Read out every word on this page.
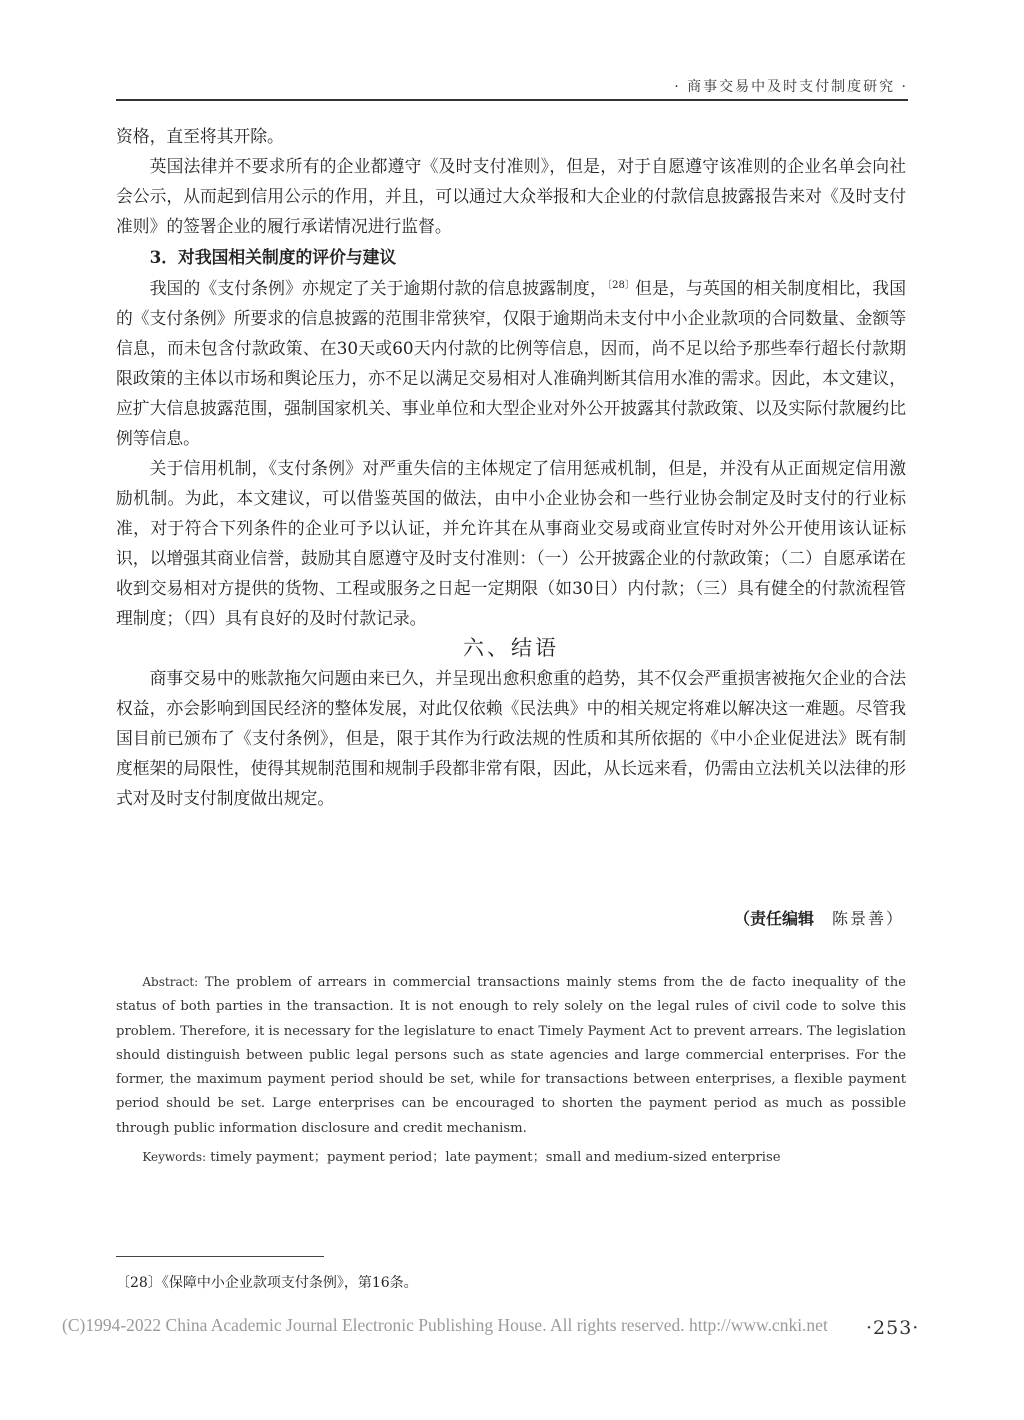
· 商事交易中及时支付制度研究 ·

资格，直至将其开除。

英国法律并不要求所有的企业都遵守《及时支付准则》，但是，对于自愿遵守该准则的企业名单会向社会公示，从而起到信用公示的作用，并且，可以通过大众举报和大企业的付款信息披露报告来对《及时支付准则》的签署企业的履行承诺情况进行监督。

3．对我国相关制度的评价与建议

我国的《支付条例》亦规定了关于逾期付款的信息披露制度，$^{〔28〕}$但是，与英国的相关制度相比，我国的《支付条例》所要求的信息披露的范围非常狭窄，仅限于逾期尚未支付中小企业款项的合同数量、金额等信息，而未包含付款政策、在30天或60天内付款的比例等信息，因而，尚不足以给予那些奉行超长付款期限政策的主体以市场和舆论压力，亦不足以满足交易相对人准确判断其信用水准的需求。因此，本文建议，应扩大信息披露范围，强制国家机关、事业单位和大型企业对外公开披露其付款政策、以及实际付款履约比例等信息。

关于信用机制，《支付条例》对严重失信的主体规定了信用惩戒机制，但是，并没有从正面规定信用激励机制。为此，本文建议，可以借鉴英国的做法，由中小企业协会和一些行业协会制定及时支付的行业标准，对于符合下列条件的企业可予以认证，并允许其在从事商业交易或商业宣传时对外公开使用该认证标识，以增强其商业信誉，鼓励其自愿遵守及时支付准则：（一）公开披露企业的付款政策；（二）自愿承诺在收到交易相对方提供的货物、工程或服务之日起一定期限（如30日）内付款；（三）具有健全的付款流程管理制度；（四）具有良好的及时付款记录。

六、结语

商事交易中的账款拖欠问题由来已久，并呈现出愈积愈重的趋势，其不仅会严重损害被拖欠企业的合法权益，亦会影响到国民经济的整体发展，对此仅依赖《民法典》中的相关规定将难以解决这一难题。尽管我国目前已颁布了《支付条例》，但是，限于其作为行政法规的性质和其所依据的《中小企业促进法》既有制度框架的局限性，使得其规制范围和规制手段都非常有限，因此，从长远来看，仍需由立法机关以法律的形式对及时支付制度做出规定。

（责任编辑 陈景善）

Abstract: The problem of arrears in commercial transactions mainly stems from the de facto inequality of the status of both parties in the transaction. It is not enough to rely solely on the legal rules of civil code to solve this problem. Therefore, it is necessary for the legislature to enact Timely Payment Act to prevent arrears. The legislation should distinguish between public legal persons such as state agencies and large commercial enterprises. For the former, the maximum payment period should be set, while for transactions between enterprises, a flexible payment period should be set. Large enterprises can be encouraged to shorten the payment period as much as possible through public information disclosure and credit mechanism.

Keywords: timely payment；payment period；late payment；small and medium-sized enterprise

〔28〕《保障中小企业款项支付条例》，第16条。
(C)1994-2022 China Academic Journal Electronic Publishing House. All rights reserved. http://www.cnki.net ·253·
